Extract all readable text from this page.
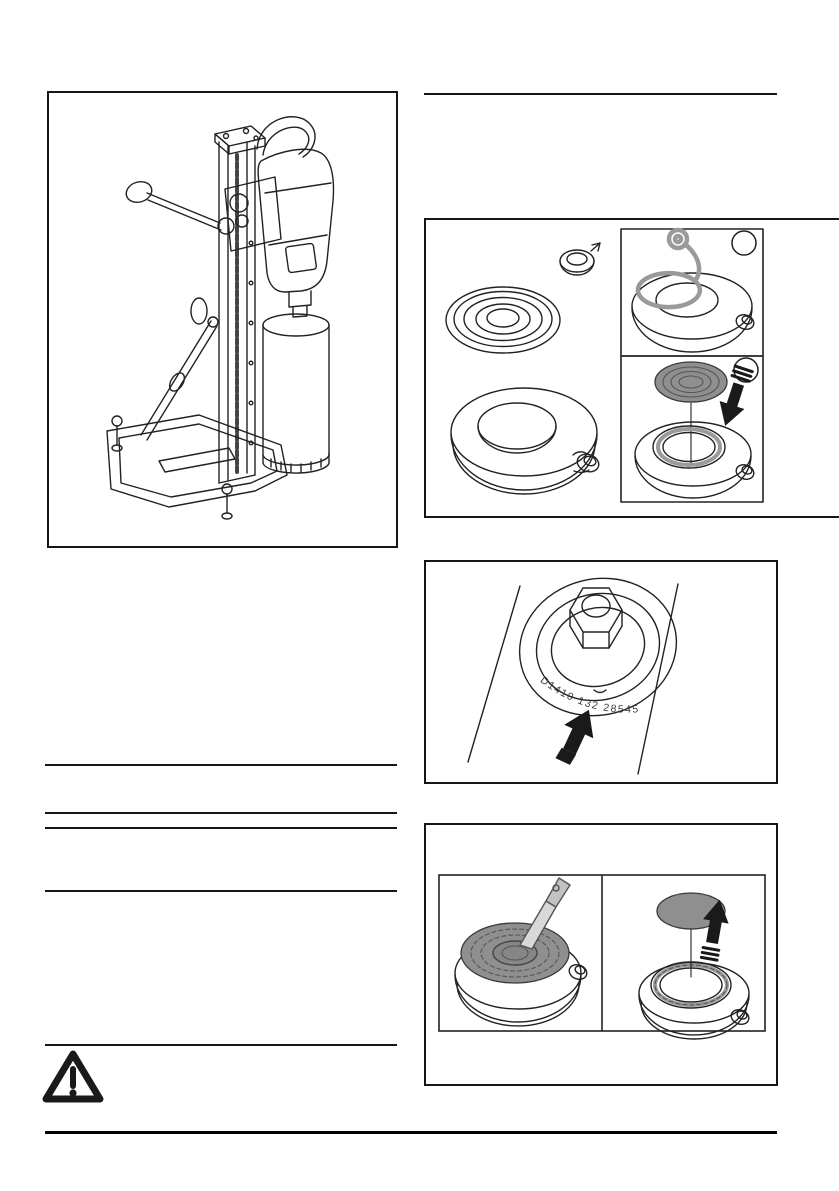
D1410 132 28545
